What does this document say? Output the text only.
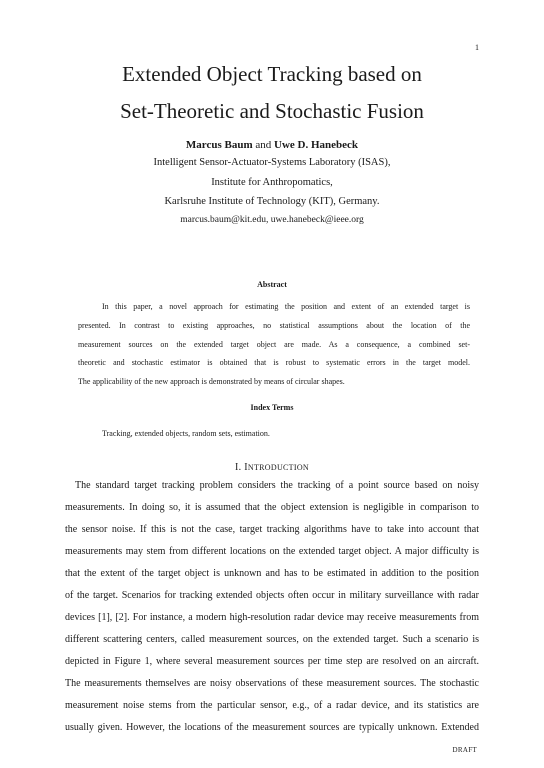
1
Extended Object Tracking based on
Set-Theoretic and Stochastic Fusion
Marcus Baum and Uwe D. Hanebeck
Intelligent Sensor-Actuator-Systems Laboratory (ISAS),
Institute for Anthropomatics,
Karlsruhe Institute of Technology (KIT), Germany.
marcus.baum@kit.edu, uwe.hanebeck@ieee.org
Abstract
In this paper, a novel approach for estimating the position and extent of an extended target is
presented. In contrast to existing approaches, no statistical assumptions about the location of the
measurement sources on the extended target object are made. As a consequence, a combined set-
theoretic and stochastic estimator is obtained that is robust to systematic errors in the target model.
The applicability of the new approach is demonstrated by means of circular shapes.
Index Terms
Tracking, extended objects, random sets, estimation.
I. INTRODUCTION
The standard target tracking problem considers the tracking of a point source based on noisy
measurements. In doing so, it is assumed that the object extension is negligible in comparison to
the sensor noise. If this is not the case, target tracking algorithms have to take into account that
measurements may stem from different locations on the extended target object. A major difficulty is
that the extent of the target object is unknown and has to be estimated in addition to the position
of the target. Scenarios for tracking extended objects often occur in military surveillance with radar
devices [1], [2]. For instance, a modern high-resolution radar device may receive measurements from
different scattering centers, called measurement sources, on the extended target. Such a scenario is
depicted in Figure 1, where several measurement sources per time step are resolved on an aircraft.
The measurements themselves are noisy observations of these measurement sources. The stochastic
measurement noise stems from the particular sensor, e.g., of a radar device, and its statistics are
usually given. However, the locations of the measurement sources are typically unknown. Extended
DRAFT
